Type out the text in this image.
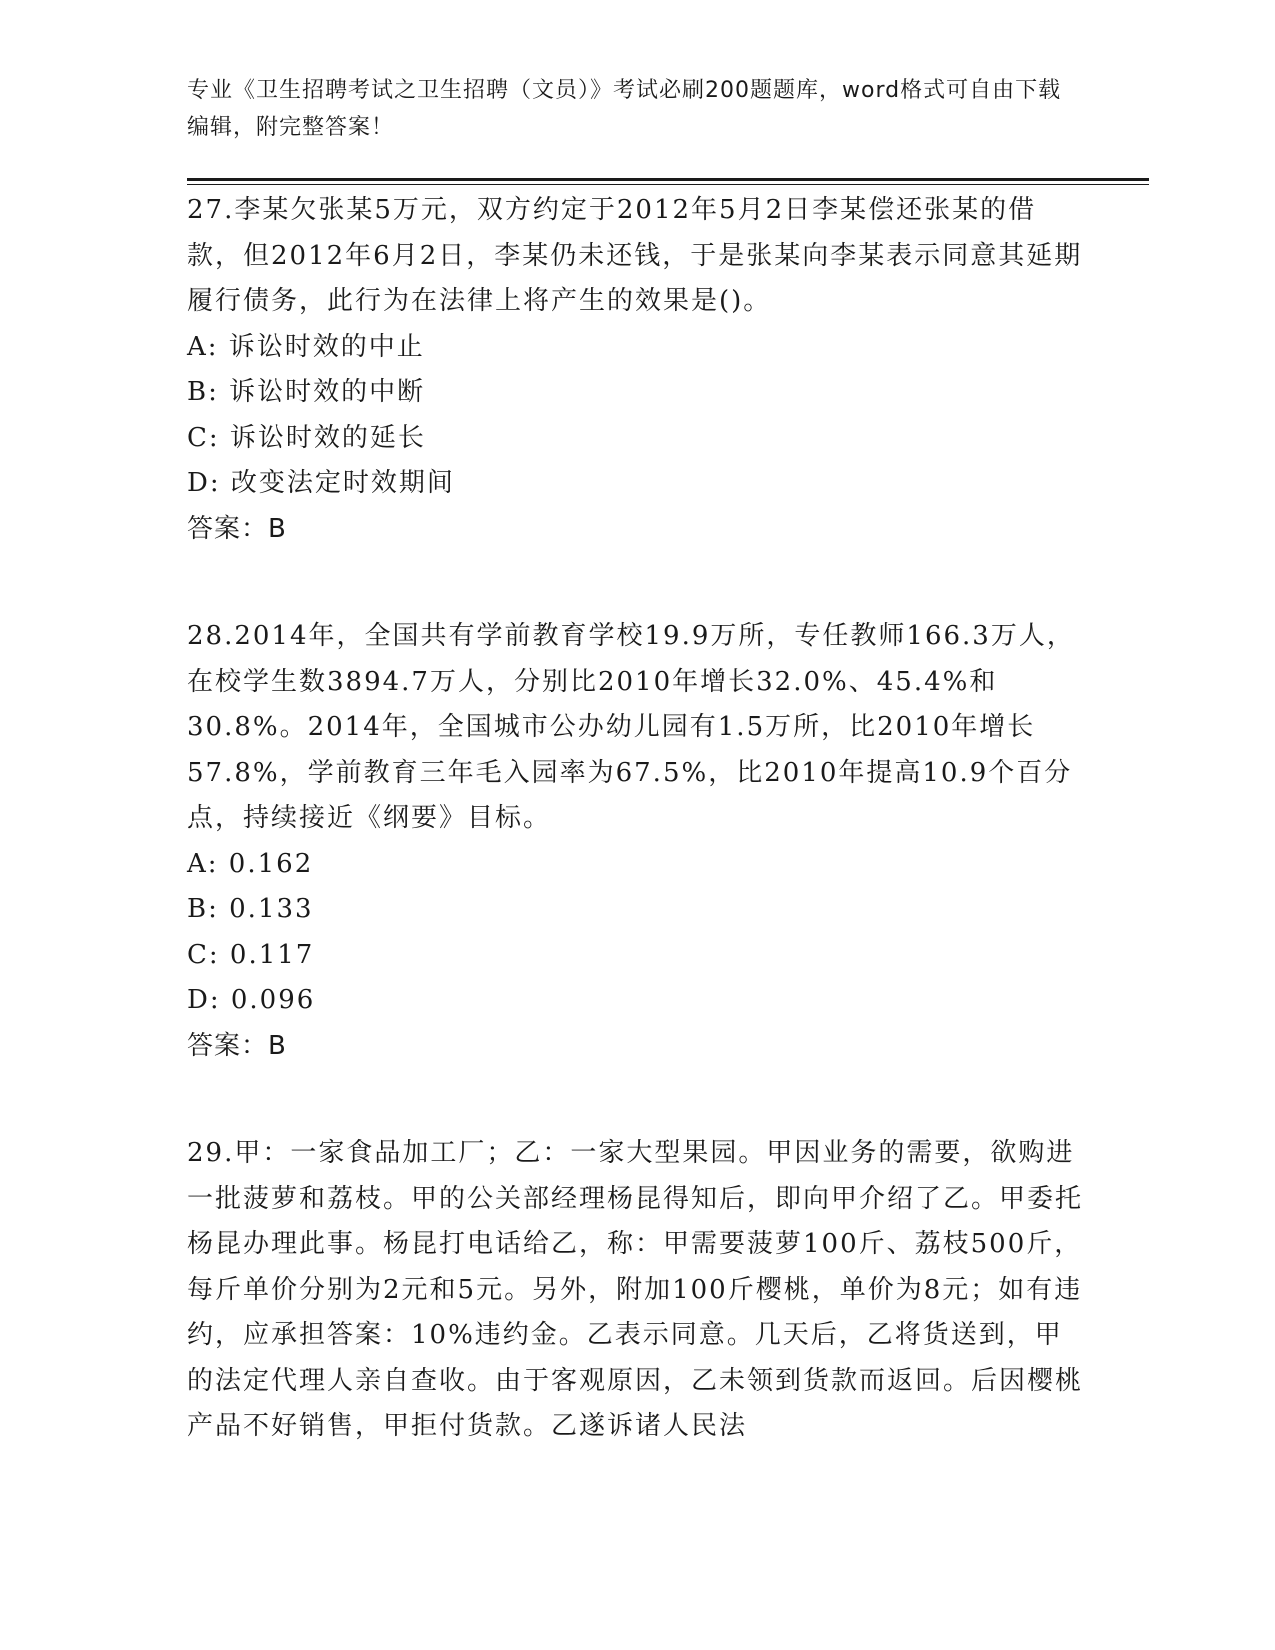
专业《卫生招聘考试之卫生招聘（文员）》考试必刷200题题库，word格式可自由下载编辑，附完整答案！

27.李某欠张某5万元，双方约定于2012年5月2日李某偿还张某的借款，但2012年6月2日，李某仍未还钱，于是张某向李某表示同意其延期履行债务，此行为在法律上将产生的效果是()。

A: 诉讼时效的中止

B: 诉讼时效的中断

C: 诉讼时效的延长

D: 改变法定时效期间

答案：B

28.2014年，全国共有学前教育学校19.9万所，专任教师166.3万人，在校学生数3894.7万人，分别比2010年增长32.0%、45.4%和30.8%。2014年，全国城市公办幼儿园有1.5万所，比2010年增长57.8%，学前教育三年毛入园率为67.5%，比2010年提高10.9个百分点，持续接近《纲要》目标。

A: 0.162

B: 0.133

C: 0.117

D: 0.096

答案：B

29.甲：一家食品加工厂；乙：一家大型果园。甲因业务的需要，欲购进一批菠萝和荔枝。甲的公关部经理杨昆得知后，即向甲介绍了乙。甲委托杨昆办理此事。杨昆打电话给乙，称：甲需要菠萝100斤、荔枝500斤，每斤单价分别为2元和5元。另外，附加100斤樱桃，单价为8元；如有违约，应承担答案：10%违约金。乙表示同意。几天后，乙将货送到，甲的法定代理人亲自查收。由于客观原因，乙未领到货款而返回。后因樱桃产品不好销售，甲拒付货款。乙遂诉诸人民法
